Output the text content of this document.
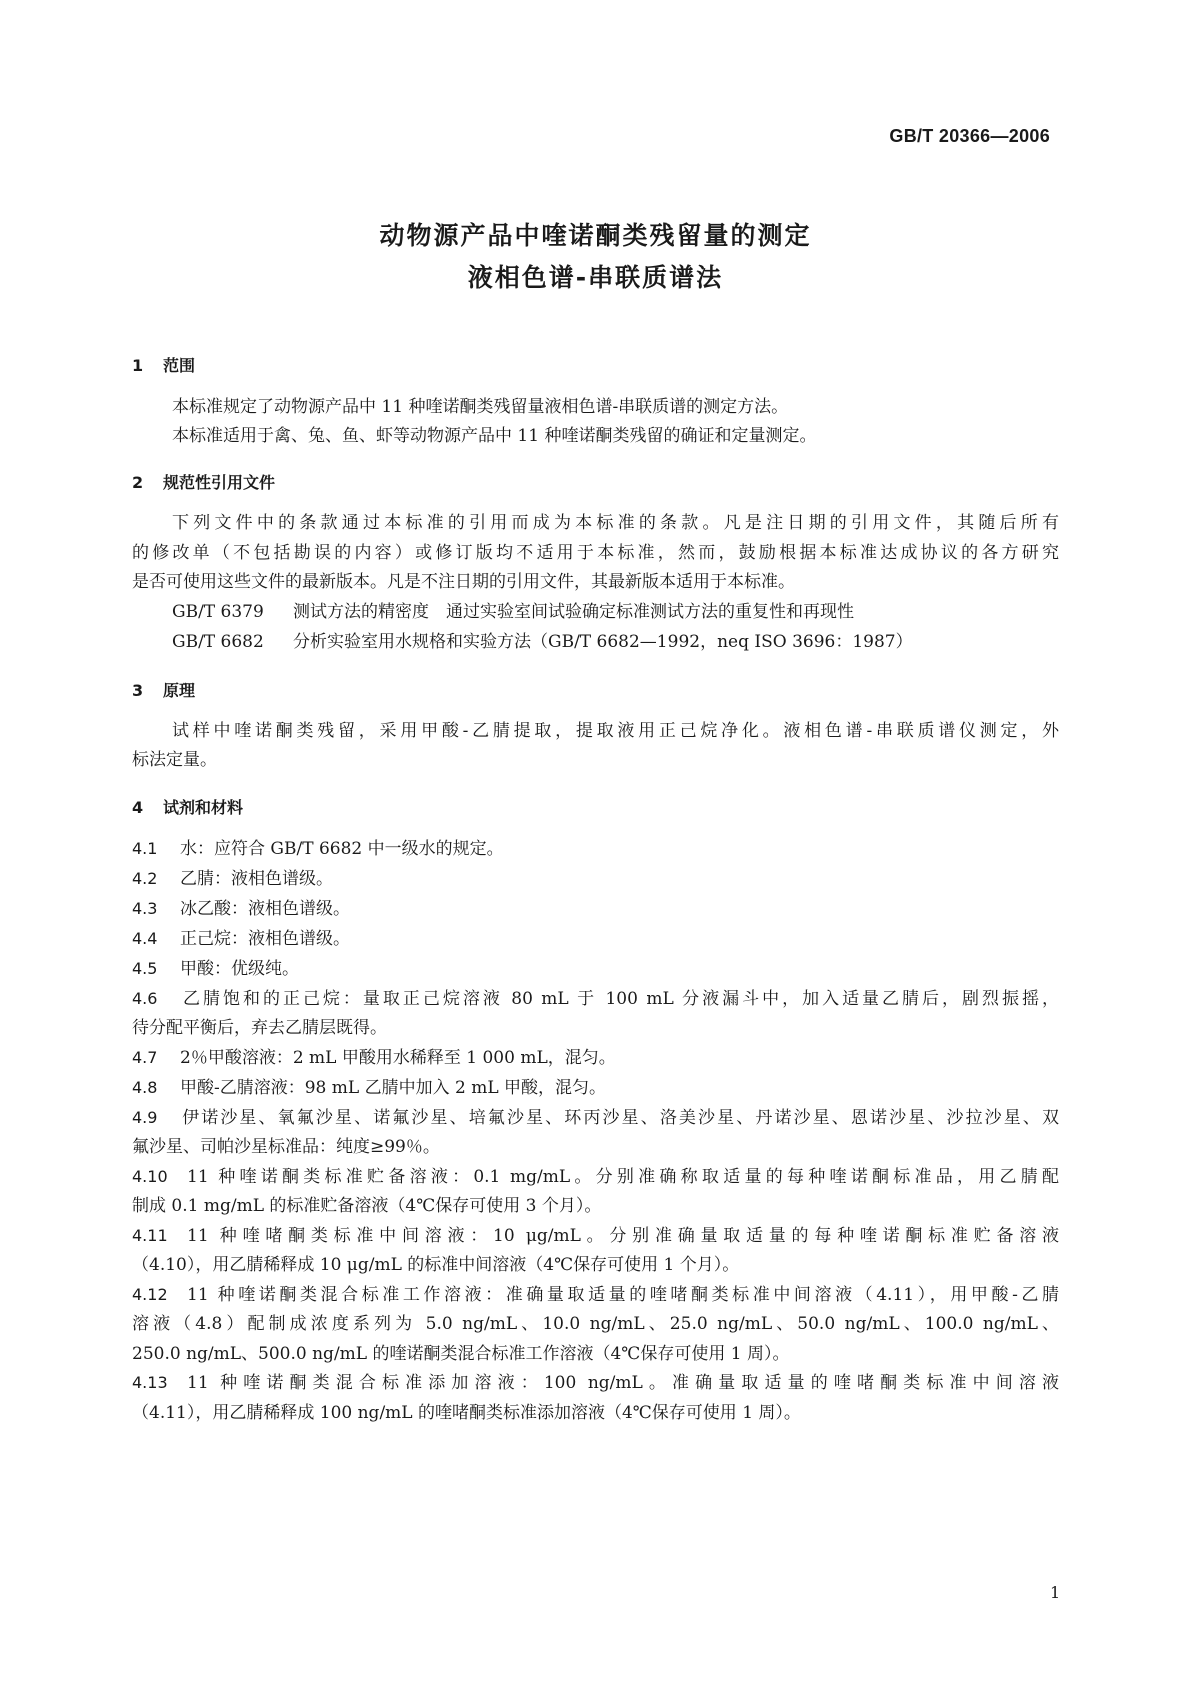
GB/T 20366—2006
动物源产品中喹诺酮类残留量的测定
液相色谱-串联质谱法
1 范围
本标准规定了动物源产品中 11 种喹诺酮类残留量液相色谱-串联质谱的测定方法。
本标准适用于禽、兔、鱼、虾等动物源产品中 11 种喹诺酮类残留的确证和定量测定。
2 规范性引用文件
下列文件中的条款通过本标准的引用而成为本标准的条款。凡是注日期的引用文件，其随后所有
的修改单（不包括勘误的内容）或修订版均不适用于本标准，然而，鼓励根据本标准达成协议的各方研究
是否可使用这些文件的最新版本。凡是不注日期的引用文件，其最新版本适用于本标准。
GB/T 6379 测试方法的精密度　通过实验室间试验确定标准测试方法的重复性和再现性
GB/T 6682 分析实验室用水规格和实验方法（GB/T 6682—1992，neq ISO 3696：1987）
3 原理
试样中喹诺酮类残留，采用甲酸-乙腈提取，提取液用正己烷净化。液相色谱-串联质谱仪测定，外
标法定量。
4 试剂和材料
4.1 水：应符合 GB/T 6682 中一级水的规定。
4.2 乙腈：液相色谱级。
4.3 冰乙酸：液相色谱级。
4.4 正己烷：液相色谱级。
4.5 甲酸：优级纯。
4.6 乙腈饱和的正己烷：量取正己烷溶液 80 mL 于 100 mL 分液漏斗中，加入适量乙腈后，剧烈振摇，
待分配平衡后，弃去乙腈层既得。
4.7 2％甲酸溶液：2 mL 甲酸用水稀释至 1 000 mL，混匀。
4.8 甲酸-乙腈溶液：98 mL 乙腈中加入 2 mL 甲酸，混匀。
4.9 伊诺沙星、氧氟沙星、诺氟沙星、培氟沙星、环丙沙星、洛美沙星、丹诺沙星、恩诺沙星、沙拉沙星、双
氟沙星、司帕沙星标准品：纯度≥99％。
4.10 11 种喹诺酮类标准贮备溶液：0.1 mg/mL。分别准确称取适量的每种喹诺酮标准品，用乙腈配
制成 0.1 mg/mL 的标准贮备溶液（4℃保存可使用 3 个月）。
4.11 11 种喹啫酮类标准中间溶液：10 μg/mL。分别准确量取适量的每种喹诺酮标准贮备溶液
（4.10），用乙腈稀释成 10 μg/mL 的标准中间溶液（4℃保存可使用 1 个月）。
4.12 11 种喹诺酮类混合标准工作溶液：准确量取适量的喹啫酮类标准中间溶液（4.11），用甲酸-乙腈
溶液（4.8）配制成浓度系列为 5.0 ng/mL、10.0 ng/mL、25.0 ng/mL、50.0 ng/mL、100.0 ng/mL、
250.0 ng/mL、500.0 ng/mL 的喹诺酮类混合标准工作溶液（4℃保存可使用 1 周）。
4.13 11 种喹诺酮类混合标准添加溶液：100 ng/mL。准确量取适量的喹啫酮类标准中间溶液
（4.11），用乙腈稀释成 100 ng/mL 的喹啫酮类标准添加溶液（4℃保存可使用 1 周）。
1
